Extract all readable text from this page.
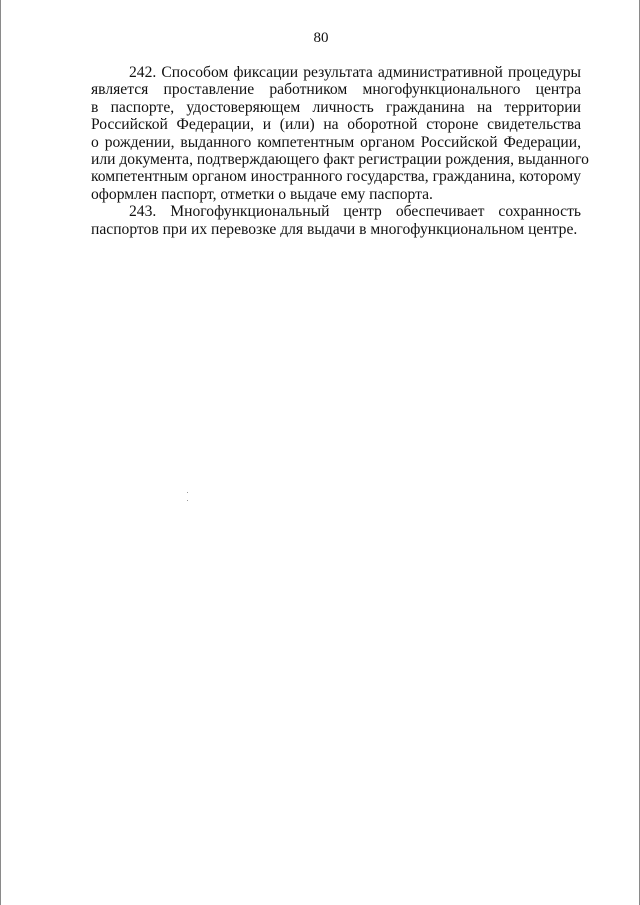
80
242. Способом фиксации результата административной процедуры
является проставление работником многофункционального центра
в паспорте, удостоверяющем личность гражданина на территории
Российской Федерации, и (или) на оборотной стороне свидетельства
о рождении, выданного компетентным органом Российской Федерации,
или документа, подтверждающего факт регистрации рождения, выданного
компетентным органом иностранного государства, гражданина, которому
оформлен паспорт, отметки о выдаче ему паспорта.
243. Многофункциональный центр обеспечивает сохранность
паспортов при их перевозке для выдачи в многофункциональном центре.
